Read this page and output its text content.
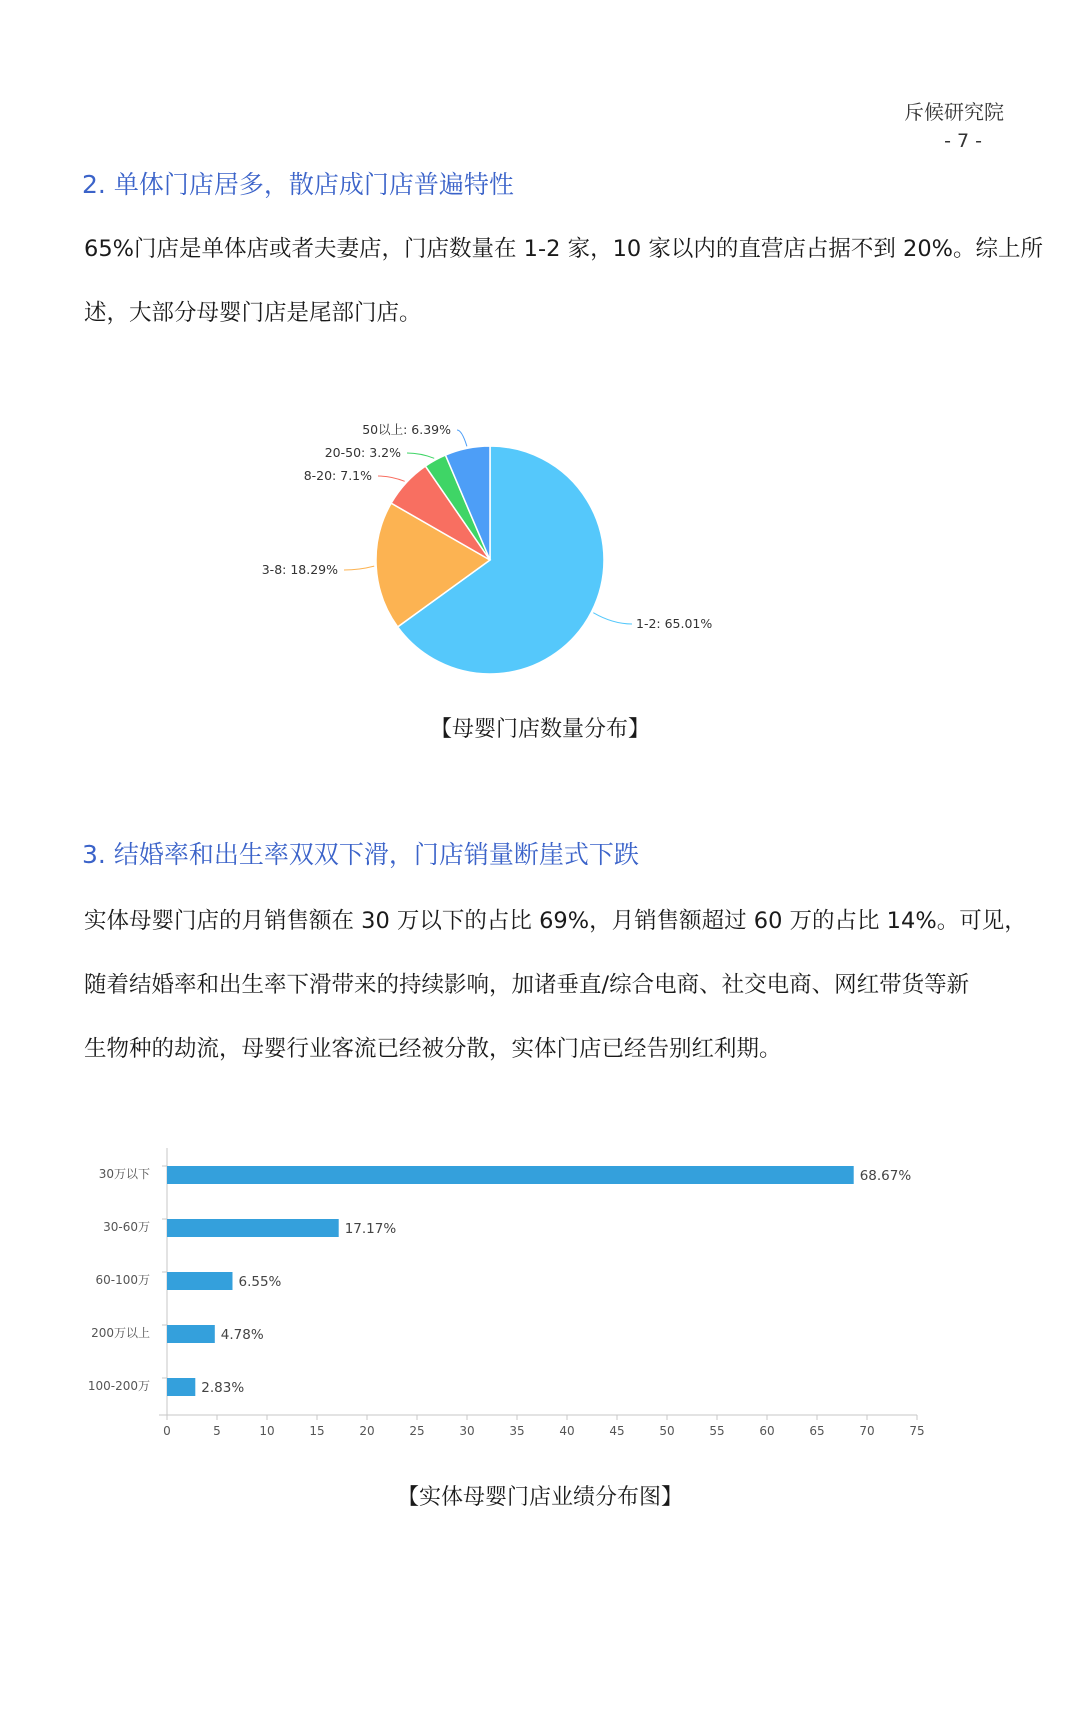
斥候研究院
- 7 -
2. 单体门店居多，散店成门店普遍特性
65%门店是单体店或者夫妻店，门店数量在 1-2 家，10 家以内的直营店占据不到 20%。综上所
述，大部分母婴门店是尾部门店。
1-2: 65.01%
3-8: 18.29%
8-20: 7.1%
20-50: 3.2%
50以上: 6.39%
【母婴门店数量分布】
3. 结婚率和出生率双双下滑，门店销量断崖式下跌
实体母婴门店的月销售额在 30 万以下的占比 69%，月销售额超过 60 万的占比 14%。可见，
随着结婚率和出生率下滑带来的持续影响，加诸垂直/综合电商、社交电商、网红带货等新
生物种的劫流，母婴行业客流已经被分散，实体门店已经告别红利期。
30万以下
30-60万
60-100万
200万以上
100-200万
68.67%
17.17%
6.55%
4.78%
2.83%
0	5	10	15	20	25	30	35	40	45	50	55	60	65	70	75
【实体母婴门店业绩分布图】
